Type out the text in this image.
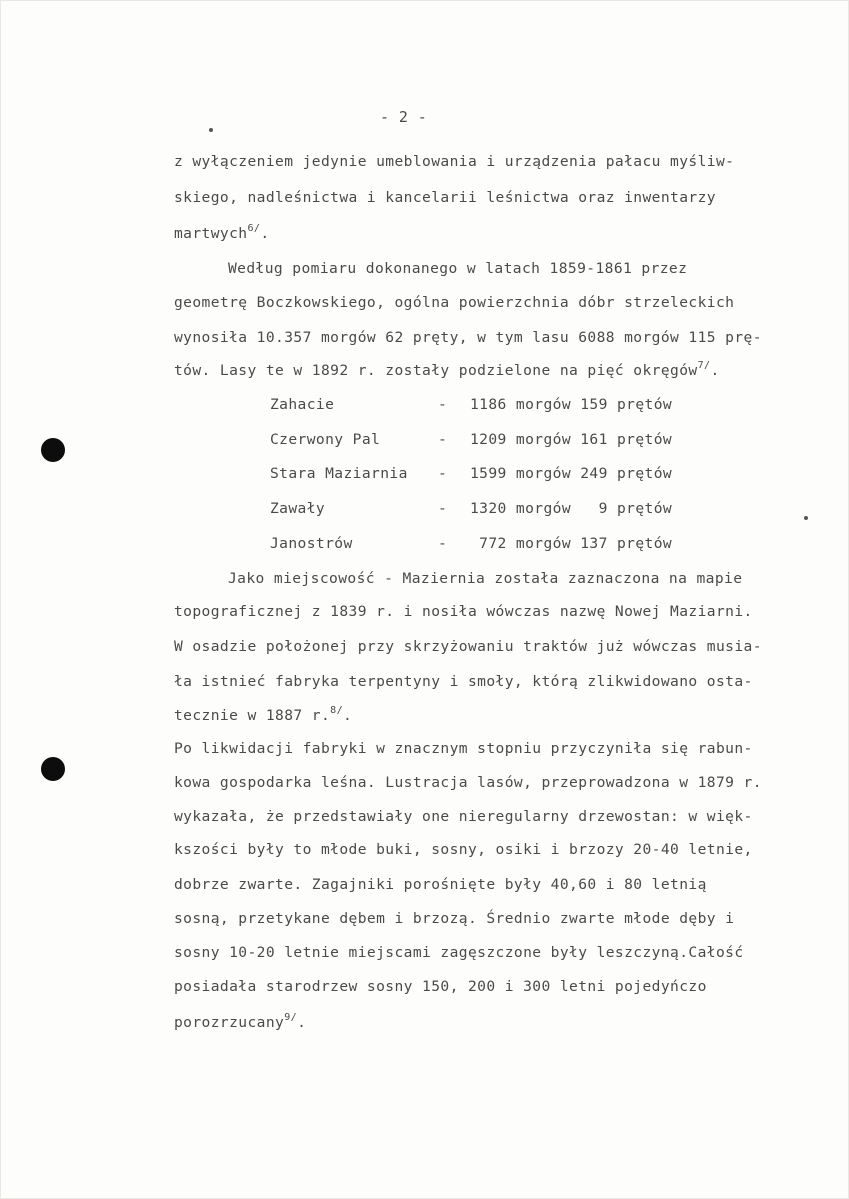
- 2 -
z wyłączeniem jedynie umeblowania i urządzenia pałacu myśliw-
skiego, nadleśnictwa i kancelarii leśnictwa oraz inwentarzy
martwych$^{6/}$.
Według pomiaru dokonanego w latach 1859-1861 przez
geometrę Boczkowskiego, ogólna powierzchnia dóbr strzeleckich
wynosiła 10.357 morgów 62 pręty, w tym lasu 6088 morgów 115 prę-
tów. Lasy te w 1892 r. zostały podzielone na pięć okręgów$^{7/}$.
Zahacie	- 1186 morgów 159 prętów
Czerwony Pal	- 1209 morgów 161 prętów
Stara Maziarnia - 1599 morgów 249 prętów
Zawały	- 1320 morgów   9 prętów
Janostrów	- 772 morgów 137 prętów
Jako miejscowość - Maziernia została zaznaczona na mapie
topograficznej z 1839 r. i nosiła wówczas nazwę Nowej Maziarni.
W osadzie położonej przy skrzyżowaniu traktów już wówczas musia-
ła istnieć fabryka terpentyny i smoły, którą zlikwidowano osta-
tecznie w 1887 r.$^{8/}$.
Po likwidacji fabryki w znacznym stopniu przyczyniła się rabun-
kowa gospodarka leśna. Lustracja lasów, przeprowadzona w 1879 r.
wykazała, że przedstawiały one nieregularny drzewostan: w więk-
kszości były to młode buki, sosny, osiki i brzozy 20-40 letnie,
dobrze zwarte. Zagajniki porośnięte były 40,60 i 80 letnią
sosną, przetykane dębem i brzozą. Średnio zwarte młode dęby i
sosny 10-20 letnie miejscami zagęszczone były leszczyną.Całość
posiadała starodrzew sosny 150, 200 i 300 letni pojedyńczo
porozrzucany$^{9/}$.
